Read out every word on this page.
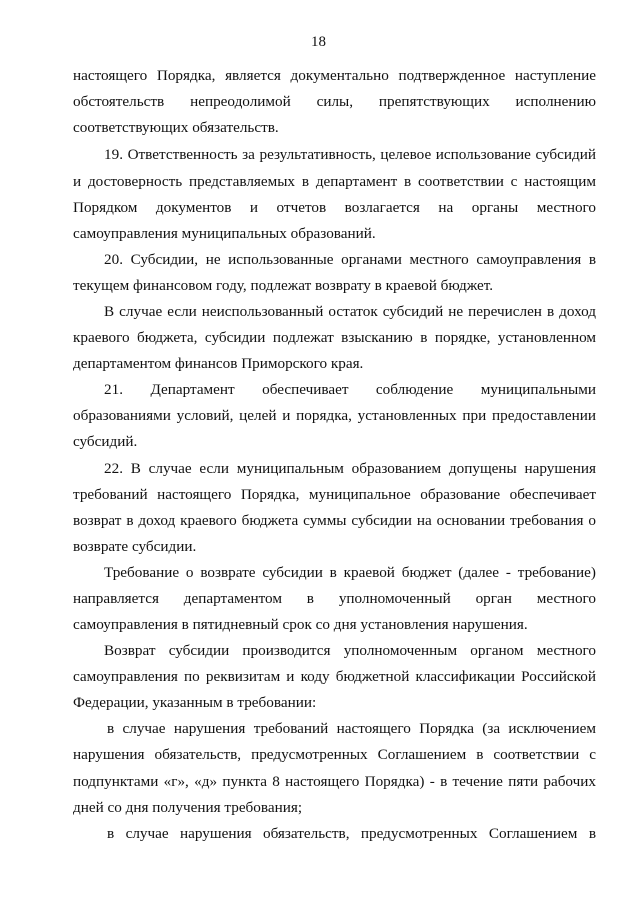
18
настоящего Порядка, является документально подтвержденное наступление
обстоятельств непреодолимой силы, препятствующих исполнению
соответствующих обязательств.
19. Ответственность за результативность, целевое использование субсидий
и достоверность представляемых в департамент в соответствии с настоящим
Порядком документов и отчетов возлагается на органы местного
самоуправления муниципальных образований.
20. Субсидии, не использованные органами местного самоуправления в
текущем финансовом году, подлежат возврату в краевой бюджет.
В случае если неиспользованный остаток субсидий не перечислен в доход
краевого бюджета, субсидии подлежат взысканию в порядке, установленном
департаментом финансов Приморского края.
21. Департамент обеспечивает соблюдение муниципальными
образованиями условий, целей и порядка, установленных при предоставлении
субсидий.
22. В случае если муниципальным образованием допущены нарушения
требований настоящего Порядка, муниципальное образование обеспечивает
возврат в доход краевого бюджета суммы субсидии на основании требования о
возврате субсидии.
Требование о возврате субсидии в краевой бюджет (далее - требование)
направляется департаментом в уполномоченный орган местного
самоуправления в пятидневный срок со дня установления нарушения.
Возврат субсидии производится уполномоченным органом местного
самоуправления по реквизитам и коду бюджетной классификации Российской
Федерации, указанным в требовании:
в случае нарушения требований настоящего Порядка (за исключением
нарушения обязательств, предусмотренных Соглашением в соответствии с
подпунктами «г», «д» пункта 8 настоящего Порядка) - в течение пяти рабочих
дней со дня получения требования;
в случае нарушения обязательств, предусмотренных Соглашением в
